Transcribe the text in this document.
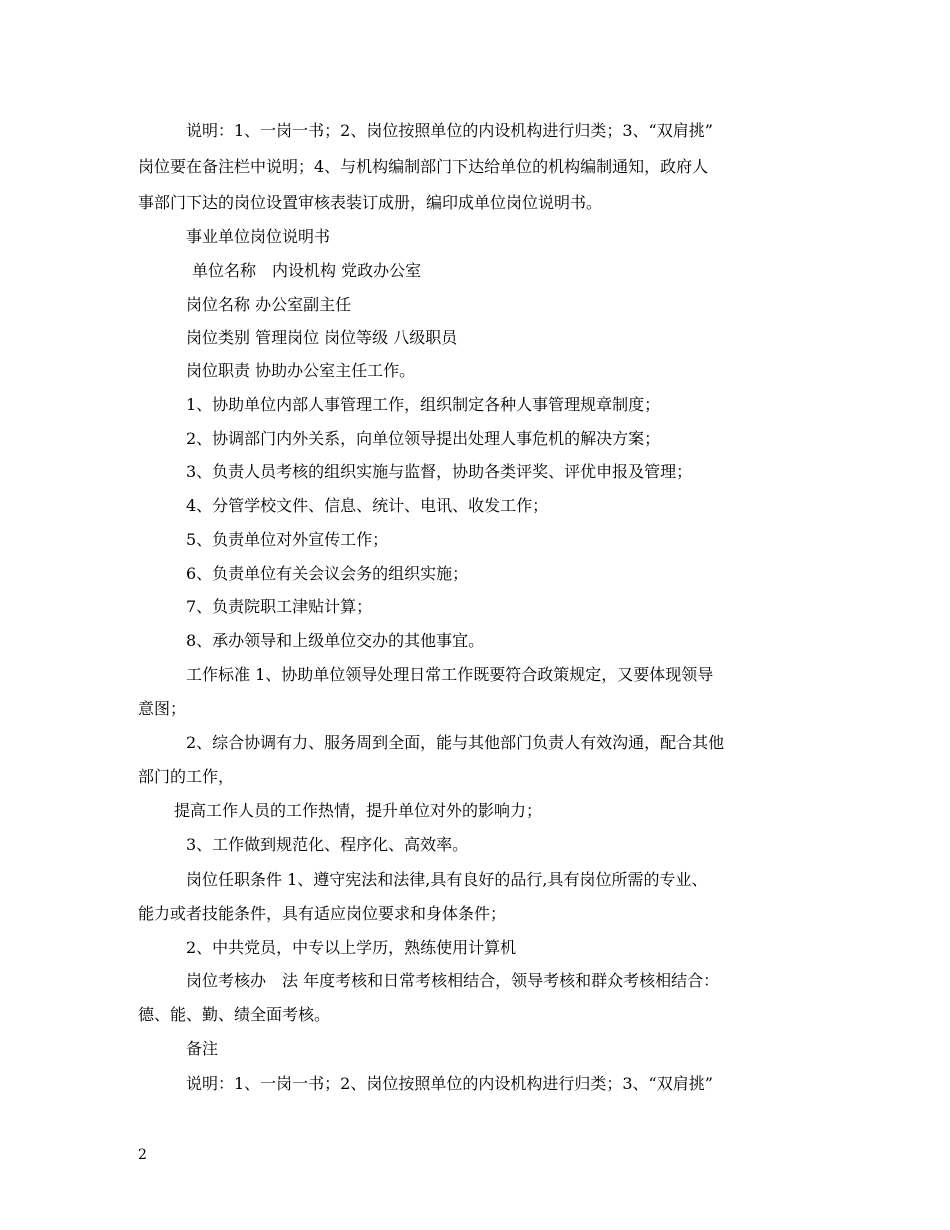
说明：1、一岗一书；2、岗位按照单位的内设机构进行归类；3、“双肩挑”
岗位要在备注栏中说明；4、与机构编制部门下达给单位的机构编制通知，政府人
事部门下达的岗位设置审核表装订成册，编印成单位岗位说明书。
事业单位岗位说明书
单位名称　内设机构 党政办公室
岗位名称 办公室副主任
岗位类别 管理岗位 岗位等级 八级职员
岗位职责 协助办公室主任工作。
1、协助单位内部人事管理工作，组织制定各种人事管理规章制度；
2、协调部门内外关系，向单位领导提出处理人事危机的解决方案；
3、负责人员考核的组织实施与监督，协助各类评奖、评优申报及管理；
4、分管学校文件、信息、统计、电讯、收发工作；
5、负责单位对外宣传工作；
6、负责单位有关会议会务的组织实施；
7、负责院职工津贴计算；
8、承办领导和上级单位交办的其他事宜。
工作标准 1、协助单位领导处理日常工作既要符合政策规定，又要体现领导
意图；
2、综合协调有力、服务周到全面，能与其他部门负责人有效沟通，配合其他
部门的工作，
提高工作人员的工作热情，提升单位对外的影响力；
3、工作做到规范化、程序化、高效率。
岗位任职条件 1、遵守宪法和法律,具有良好的品行,具有岗位所需的专业、
能力或者技能条件，具有适应岗位要求和身体条件；
2、中共党员，中专以上学历，熟练使用计算机
岗位考核办　法 年度考核和日常考核相结合，领导考核和群众考核相结合：
德、能、勤、绩全面考核。
备注
说明：1、一岗一书；2、岗位按照单位的内设机构进行归类；3、“双肩挑”
2
